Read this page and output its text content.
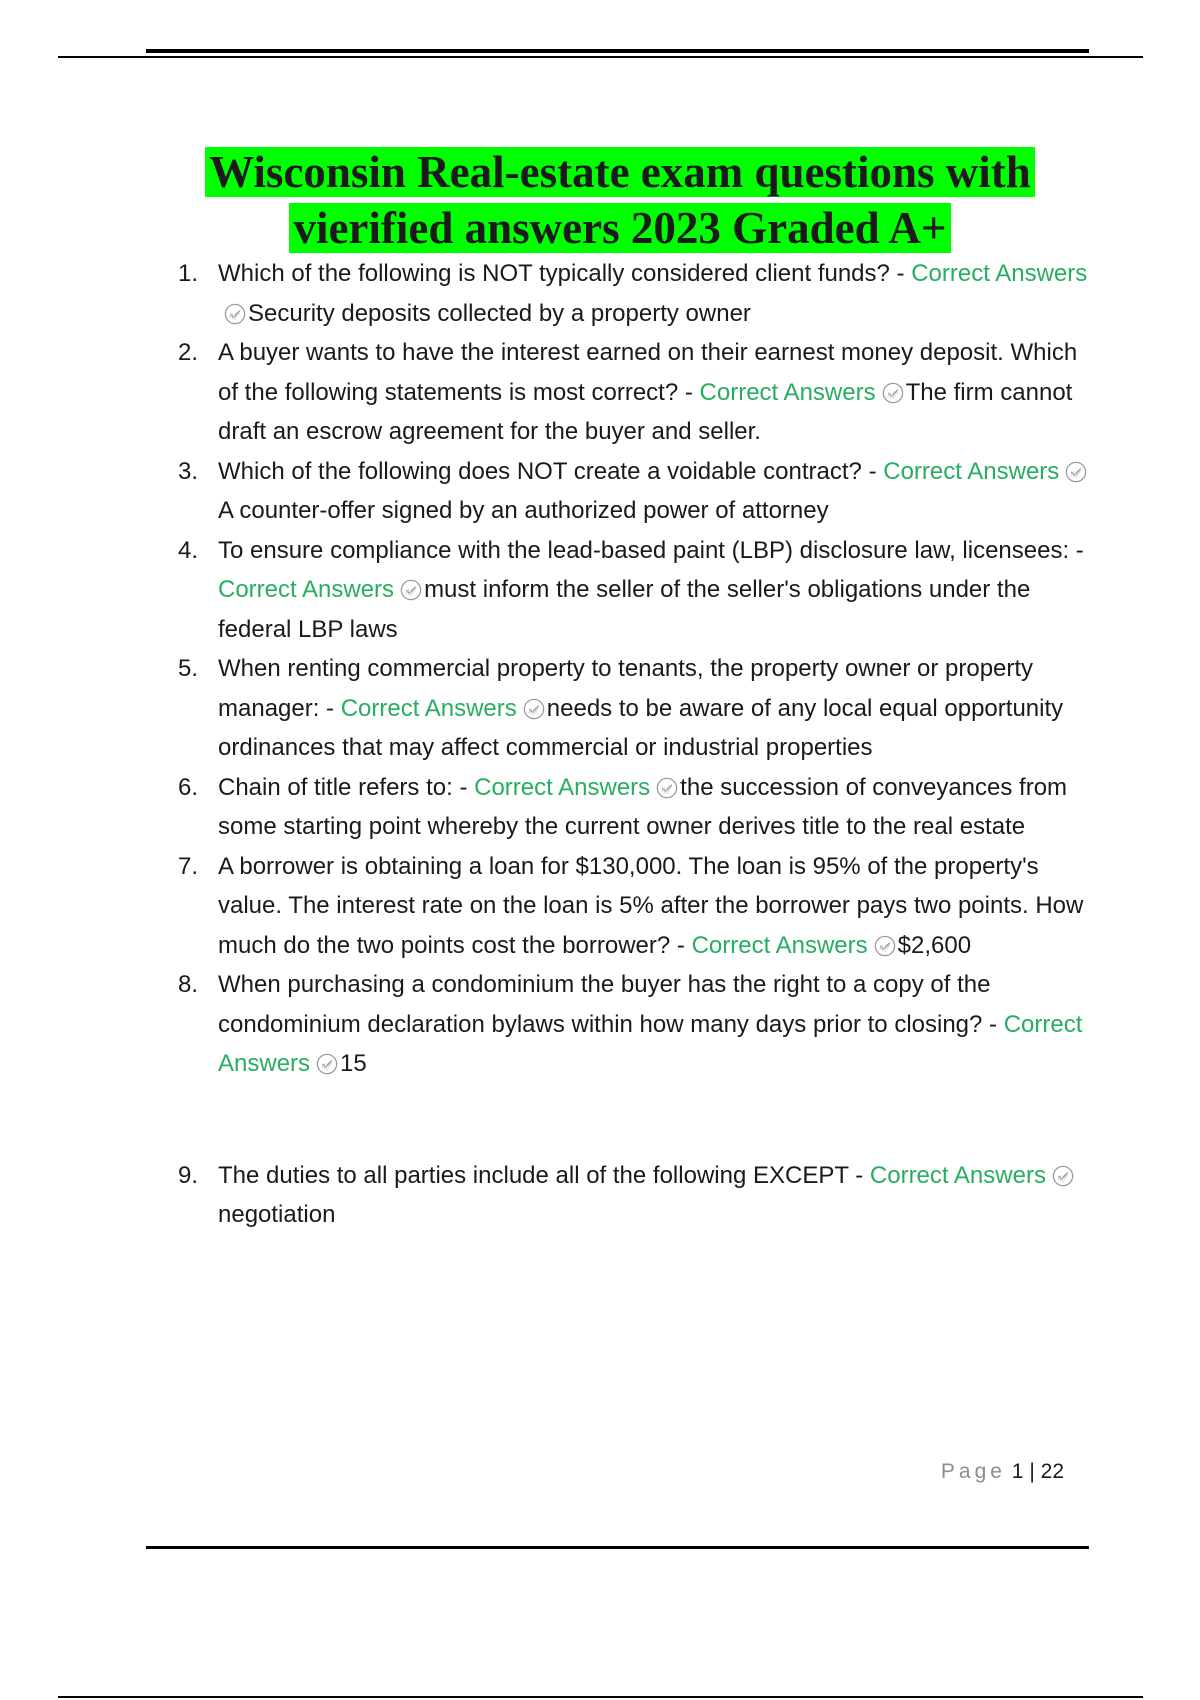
Wisconsin Real-estate exam questions with vierified answers 2023 Graded A+
1. Which of the following is NOT typically considered client funds? - Correct Answers
Security deposits collected by a property owner
2. A buyer wants to have the interest earned on their earnest money deposit. Which of the following statements is most correct? - Correct Answers The firm cannot draft an escrow agreement for the buyer and seller.
3. Which of the following does NOT create a voidable contract? - Correct Answers
A counter-offer signed by an authorized power of attorney
4. To ensure compliance with the lead-based paint (LBP) disclosure law, licensees: - Correct Answers must inform the seller of the seller's obligations under the federal LBP laws
5. When renting commercial property to tenants, the property owner or property manager: - Correct Answers needs to be aware of any local equal opportunity ordinances that may affect commercial or industrial properties
6. Chain of title refers to: - Correct Answers the succession of conveyances from some starting point whereby the current owner derives title to the real estate
7. A borrower is obtaining a loan for $130,000. The loan is 95% of the property's value. The interest rate on the loan is 5% after the borrower pays two points. How much do the two points cost the borrower? - Correct Answers $2,600
8. When purchasing a condominium the buyer has the right to a copy of the condominium declaration bylaws within how many days prior to closing? - Correct Answers 15
9. The duties to all parties include all of the following EXCEPT - Correct Answers
negotiation
Page 1 | 22
